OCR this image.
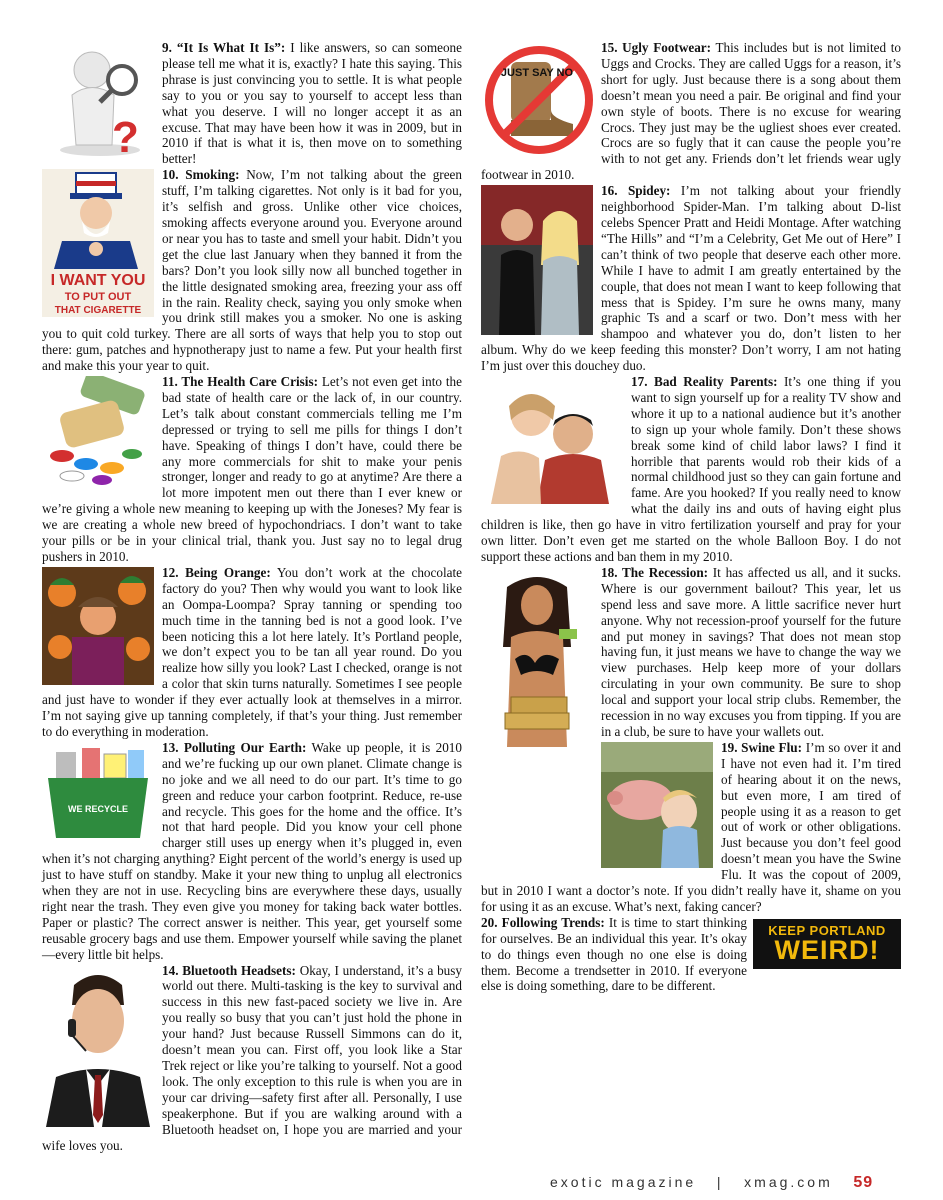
?

9. “It Is What It Is”: I like answers, so can someone please tell me what it is, exactly? I hate this saying. This phrase is just convincing you to settle. It is what people say to you or you say to yourself to accept less than what you deserve. I will no longer accept it as an excuse. That may have been how it was in 2009, but in 2010 if that is what it is, then move on to something better!

I WANT YOU
TO PUT OUT
THAT CIGARETTE

10. Smoking: Now, I’m not talking about the green stuff, I’m talking cigarettes. Not only is it bad for you, it’s selfish and gross. Unlike other vice choices, smoking affects everyone around you. Everyone around or near you has to taste and smell your habit. Didn’t you get the clue last January when they banned it from the bars? Don’t you look silly now all bunched together in the little designated smoking area, freezing your ass off in the rain. Reality check, saying you only smoke when you drink still makes you a smoker. No one is asking you to quit cold turkey. There are all sorts of ways that help you to stop out there: gum, patches and hypnotherapy just to name a few. Put your health first and make this your year to quit.

11. The Health Care Crisis: Let’s not even get into the bad state of health care or the lack of, in our country. Let’s talk about constant commercials telling me I’m depressed or trying to sell me pills for things I don’t have. Speaking of things I don’t have, could there be any more commercials for shit to make your penis stronger, longer and ready to go at anytime? Are there a lot more impotent men out there than I ever knew or we’re giving a whole new meaning to keeping up with the Joneses? My fear is we are creating a whole new breed of hypochondriacs. I don’t want to take your pills or be in your clinical trial, thank you. Just say no to legal drug pushers in 2010.

12. Being Orange: You don’t work at the chocolate factory do you? Then why would you want to look like an Oompa-Loompa? Spray tanning or spending too much time in the tanning bed is not a good look. I’ve been noticing this a lot here lately. It’s Portland people, we don’t expect you to be tan all year round. Do you realize how silly you look? Last I checked, orange is not a color that skin turns naturally. Sometimes I see people and just have to wonder if they ever actually look at themselves in a mirror. I’m not saying give up tanning completely, if that’s your thing. Just remember to do everything in moderation.

WE RECYCLE

13. Polluting Our Earth: Wake up people, it is 2010 and we’re fucking up our own planet. Climate change is no joke and we all need to do our part. It’s time to go green and reduce your carbon footprint. Reduce, re-use and recycle. This goes for the home and the office. It’s not that hard people. Did you know your cell phone charger still uses up energy when it’s plugged in, even when it’s not charging anything? Eight percent of the world’s energy is used up just to have stuff on standby. Make it your new thing to unplug all electronics when they are not in use. Recycling bins are everywhere these days, usually right near the trash. They even give you money for taking back water bottles. Paper or plastic? The correct answer is neither. This year, get yourself some reusable grocery bags and use them. Empower yourself while saving the planet—every little bit helps.

14. Bluetooth Headsets: Okay, I understand, it’s a busy world out there. Multi-tasking is the key to survival and success in this new fast-paced society we live in. Are you really so busy that you can’t just hold the phone in your hand? Just because Russell Simmons can do it, doesn’t mean you can. First off, you look like a Star Trek reject or like you’re talking to yourself. Not a good look. The only exception to this rule is when you are in your car driving—safety first after all. Personally, I use speakerphone. But if you are walking around with a Bluetooth headset on, I hope you are married and your wife loves you.

JUST SAY NO

15. Ugly Footwear: This includes but is not limited to Uggs and Crocks. They are called Uggs for a reason, it’s short for ugly. Just because there is a song about them doesn’t mean you need a pair. Be original and find your own style of boots. There is no excuse for wearing Crocs. They just may be the ugliest shoes ever created. Crocs are so fugly that it can cause the people you’re with to not get any. Friends don’t let friends wear ugly footwear in 2010.

16. Spidey: I’m not talking about your friendly neighborhood Spider-Man. I’m talking about D-list celebs Spencer Pratt and Heidi Montage. After watching “The Hills” and “I’m a Celebrity, Get Me out of Here” I can’t think of two people that deserve each other more. While I have to admit I am greatly entertained by the couple, that does not mean I want to keep following that mess that is Spidey. I’m sure he owns many, many graphic Ts and a scarf or two. Don’t mess with her shampoo and whatever you do, don’t listen to her album. Why do we keep feeding this monster? Don’t worry, I am not hating I’m just over this douchey duo.

17. Bad Reality Parents: It’s one thing if you want to sign yourself up for a reality TV show and whore it up to a national audience but it’s another to sign up your whole family. Don’t these shows break some kind of child labor laws? I find it horrible that parents would rob their kids of a normal childhood just so they can gain fortune and fame. Are you hooked? If you really need to know what the daily ins and outs of having eight plus children is like, then go have in vitro fertilization yourself and pray for your own litter. Don’t even get me started on the whole Balloon Boy. I do not support these actions and ban them in my 2010.

18. The Recession: It has affected us all, and it sucks. Where is our government bailout? This year, let us spend less and save more. A little sacrifice never hurt anyone. Why not recession-proof yourself for the future and put money in savings? That does not mean stop having fun, it just means we have to change the way we view purchases. Help keep more of your dollars circulating in your own community. Be sure to shop local and support your local strip clubs. Remember, the recession in no way excuses you from tipping. If you are in a club, be sure to have your wallets out.

19. Swine Flu: I’m so over it and I have not even had it. I’m tired of hearing about it on the news, but even more, I am tired of people using it as a reason to get out of work or other obligations. Just because you don’t feel good doesn’t mean you have the Swine Flu. It was the copout of 2009, but in 2010 I want a doctor’s note. If you didn’t really have it, shame on you for using it as an excuse. What’s next, faking cancer?

KEEP PORTLAND
WEIRD!
20. Following Trends: It is time to start thinking for ourselves. Be an individual this year. It’s okay to do things even though no one else is doing them. Become a trendsetter in 2010. If everyone else is doing something, dare to be different.

exotic magazine | xmag.com 59
